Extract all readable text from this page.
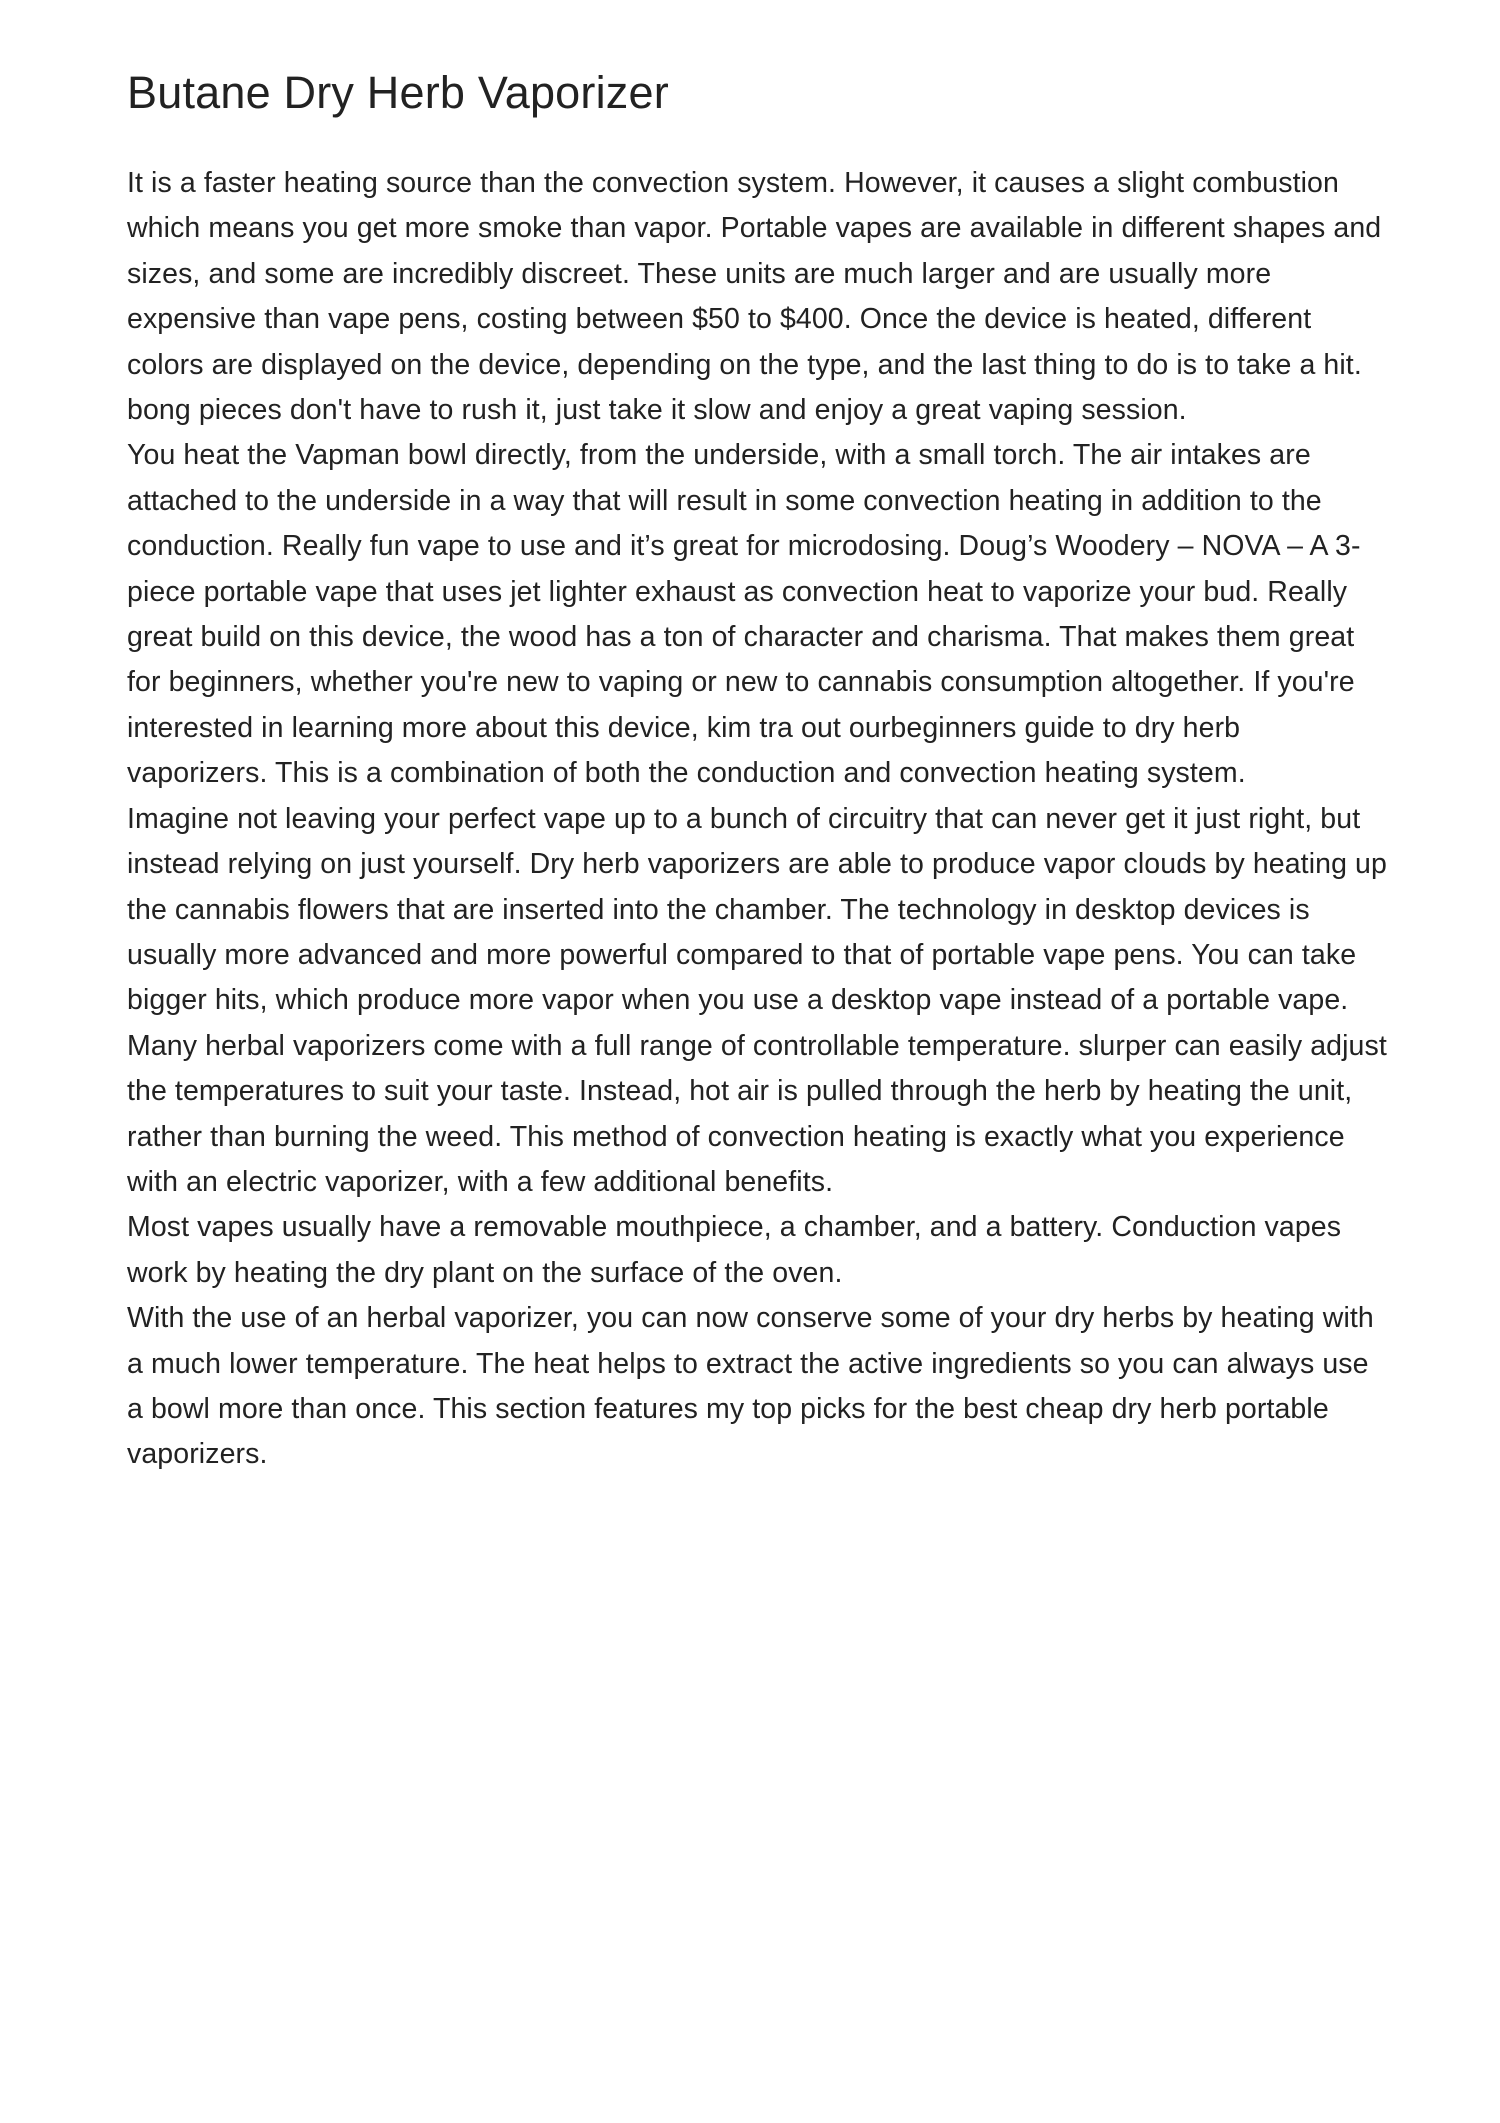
Butane Dry Herb Vaporizer

It is a faster heating source than the convection system. However, it causes a slight combustion which means you get more smoke than vapor. Portable vapes are available in different shapes and sizes, and some are incredibly discreet. These units are much larger and are usually more expensive than vape pens, costing between $50 to $400. Once the device is heated, different colors are displayed on the device, depending on the type, and the last thing to do is to take a hit. bong pieces don't have to rush it, just take it slow and enjoy a great vaping session.

You heat the Vapman bowl directly, from the underside, with a small torch. The air intakes are attached to the underside in a way that will result in some convection heating in addition to the conduction. Really fun vape to use and it’s great for microdosing. Doug’s Woodery – NOVA – A 3-piece portable vape that uses jet lighter exhaust as convection heat to vaporize your bud. Really great build on this device, the wood has a ton of character and charisma. That makes them great for beginners, whether you're new to vaping or new to cannabis consumption altogether. If you're interested in learning more about this device, kim tra out ourbeginners guide to dry herb vaporizers. This is a combination of both the conduction and convection heating system.

Imagine not leaving your perfect vape up to a bunch of circuitry that can never get it just right, but instead relying on just yourself. Dry herb vaporizers are able to produce vapor clouds by heating up the cannabis flowers that are inserted into the chamber. The technology in desktop devices is usually more advanced and more powerful compared to that of portable vape pens. You can take bigger hits, which produce more vapor when you use a desktop vape instead of a portable vape. Many herbal vaporizers come with a full range of controllable temperature. slurper can easily adjust the temperatures to suit your taste. Instead, hot air is pulled through the herb by heating the unit, rather than burning the weed. This method of convection heating is exactly what you experience with an electric vaporizer, with a few additional benefits.

Most vapes usually have a removable mouthpiece, a chamber, and a battery. Conduction vapes work by heating the dry plant on the surface of the oven.

With the use of an herbal vaporizer, you can now conserve some of your dry herbs by heating with a much lower temperature. The heat helps to extract the active ingredients so you can always use a bowl more than once. This section features my top picks for the best cheap dry herb portable vaporizers.
